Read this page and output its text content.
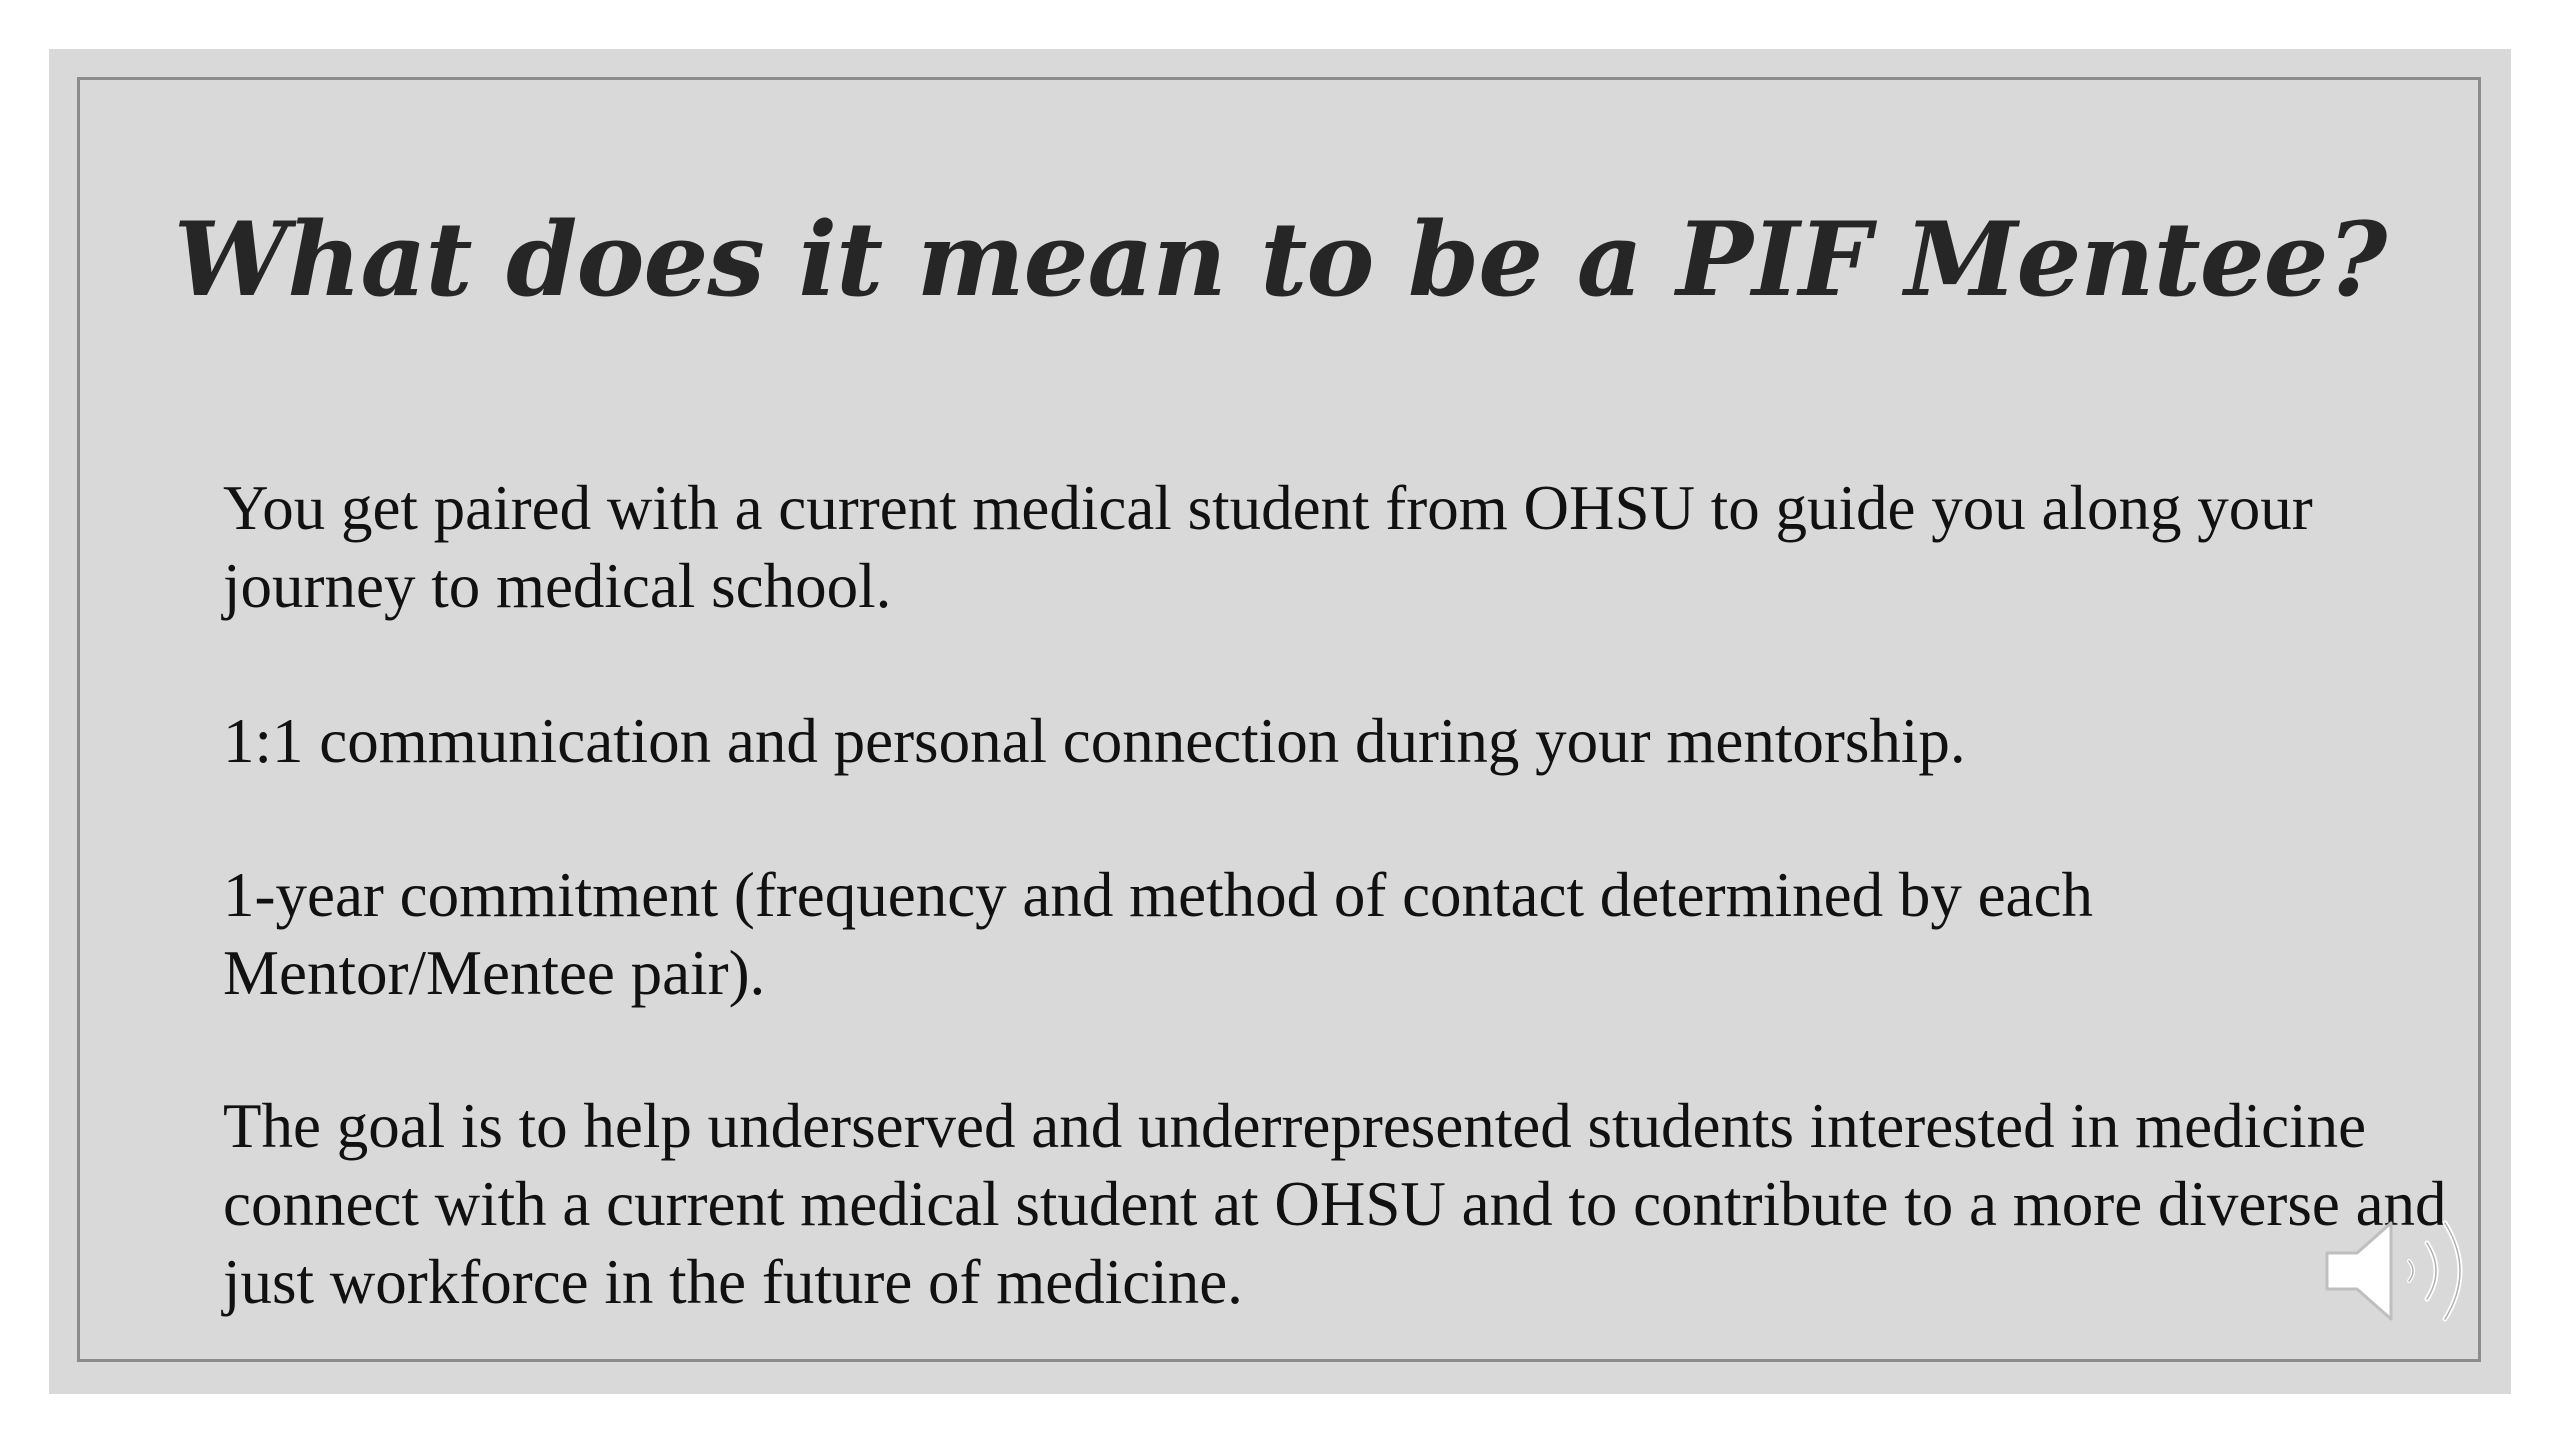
What does it mean to be a PIF Mentee?

You get paired with a current medical student from OHSU to guide you along your journey to medical school.

1:1 communication and personal connection during your mentorship.

1-year commitment (frequency and method of contact determined by each Mentor/Mentee pair).

The goal is to help underserved and underrepresented students interested in medicine connect with a current medical student at OHSU and to contribute to a more diverse and just workforce in the future of medicine.
